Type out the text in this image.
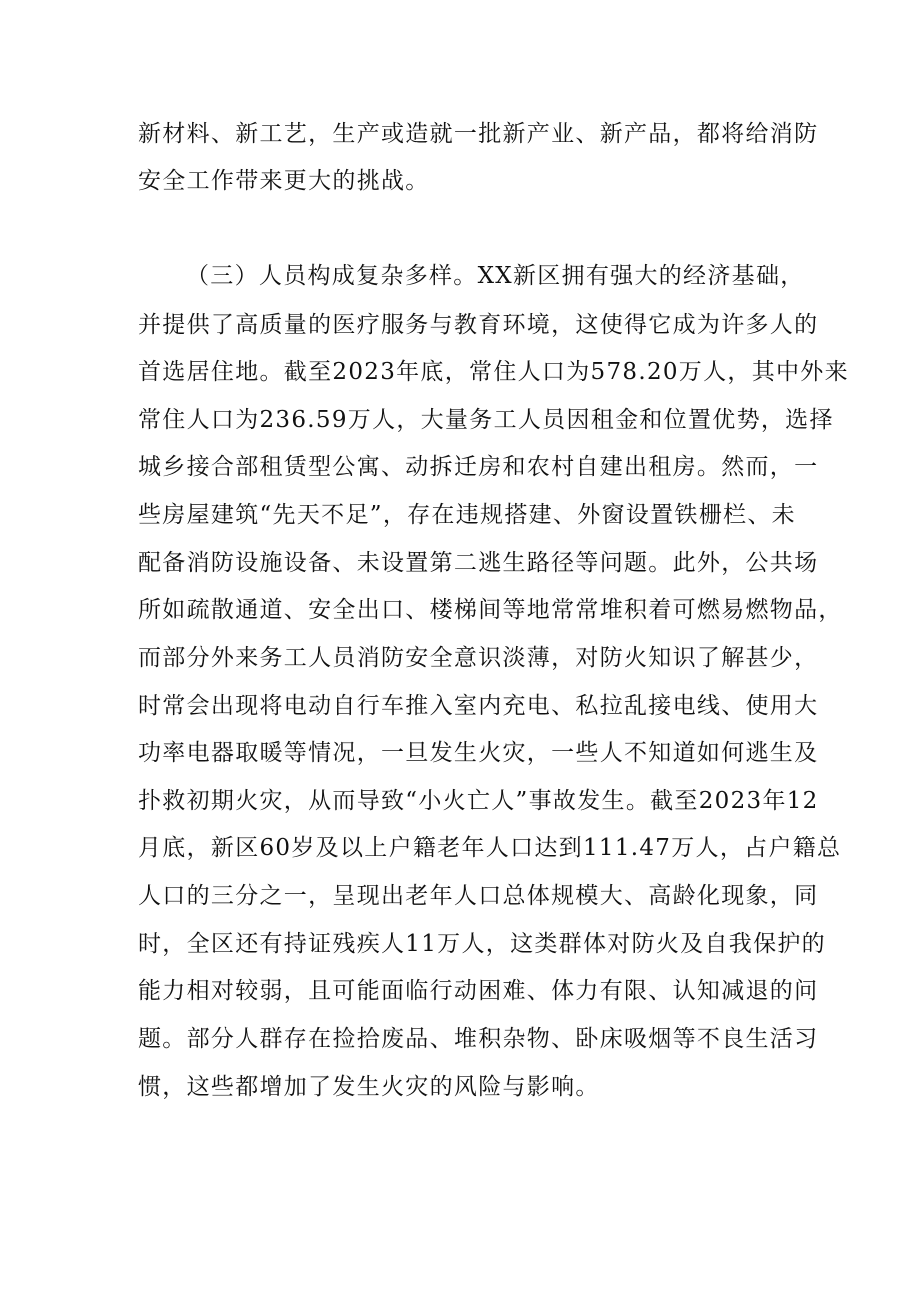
新材料、新工艺，生产或造就一批新产业、新产品，都将给消防
安全工作带来更大的挑战。
（三）人员构成复杂多样。XX新区拥有强大的经济基础，
并提供了高质量的医疗服务与教育环境，这使得它成为许多人的
首选居住地。截至2023年底，常住人口为578.20万人，其中外来
常住人口为236.59万人，大量务工人员因租金和位置优势，选择
城乡接合部租赁型公寓、动拆迁房和农村自建出租房。然而，一
些房屋建筑“先天不足”，存在违规搭建、外窗设置铁栅栏、未
配备消防设施设备、未设置第二逃生路径等问题。此外，公共场
所如疏散通道、安全出口、楼梯间等地常常堆积着可燃易燃物品，
而部分外来务工人员消防安全意识淡薄，对防火知识了解甚少，
时常会出现将电动自行车推入室内充电、私拉乱接电线、使用大
功率电器取暖等情况，一旦发生火灾，一些人不知道如何逃生及
扑救初期火灾，从而导致“小火亡人”事故发生。截至2023年12
月底，新区60岁及以上户籍老年人口达到111.47万人，占户籍总
人口的三分之一，呈现出老年人口总体规模大、高龄化现象，同
时，全区还有持证残疾人11万人，这类群体对防火及自我保护的
能力相对较弱，且可能面临行动困难、体力有限、认知减退的问
题。部分人群存在捡拾废品、堆积杂物、卧床吸烟等不良生活习
惯，这些都增加了发生火灾的风险与影响。
